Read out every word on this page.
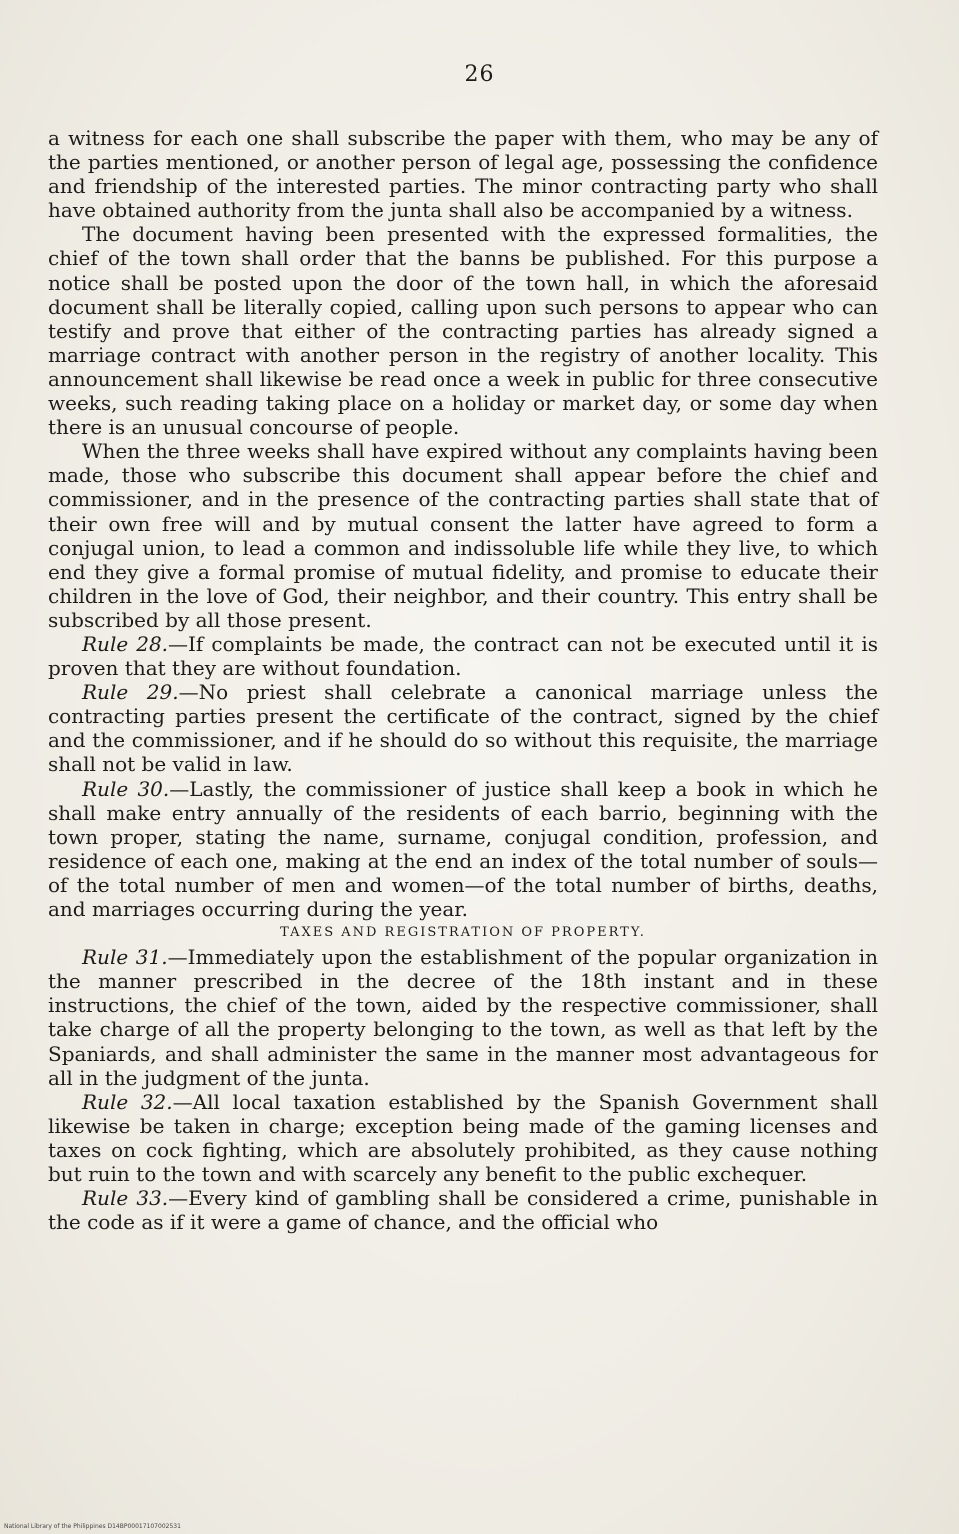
26

a witness for each one shall subscribe the paper with them, who may be any of the parties mentioned, or another person of legal age, possessing the confidence and friendship of the interested parties. The minor contracting party who shall have obtained authority from the junta shall also be accompanied by a witness.

The document having been presented with the expressed formalities, the chief of the town shall order that the banns be published. For this purpose a notice shall be posted upon the door of the town hall, in which the aforesaid document shall be literally copied, calling upon such persons to appear who can testify and prove that either of the contracting parties has already signed a marriage contract with another person in the registry of another locality. This announcement shall likewise be read once a week in public for three consecutive weeks, such reading taking place on a holiday or market day, or some day when there is an unusual concourse of people.

When the three weeks shall have expired without any complaints having been made, those who subscribe this document shall appear before the chief and commissioner, and in the presence of the contracting parties shall state that of their own free will and by mutual consent the latter have agreed to form a conjugal union, to lead a common and indissoluble life while they live, to which end they give a formal promise of mutual fidelity, and promise to educate their children in the love of God, their neighbor, and their country. This entry shall be subscribed by all those present.

Rule 28.—If complaints be made, the contract can not be executed until it is proven that they are without foundation.

Rule 29.—No priest shall celebrate a canonical marriage unless the contracting parties present the certificate of the contract, signed by the chief and the commissioner, and if he should do so without this requisite, the marriage shall not be valid in law.

Rule 30.—Lastly, the commissioner of justice shall keep a book in which he shall make entry annually of the residents of each barrio, beginning with the town proper, stating the name, surname, conjugal condition, profession, and residence of each one, making at the end an index of the total number of souls—of the total number of men and women—of the total number of births, deaths, and marriages occurring during the year.

TAXES AND REGISTRATION OF PROPERTY.

Rule 31.—Immediately upon the establishment of the popular organization in the manner prescribed in the decree of the 18th instant and in these instructions, the chief of the town, aided by the respective commissioner, shall take charge of all the property belonging to the town, as well as that left by the Spaniards, and shall administer the same in the manner most advantageous for all in the judgment of the junta.

Rule 32.—All local taxation established by the Spanish Government shall likewise be taken in charge; exception being made of the gaming licenses and taxes on cock fighting, which are absolutely prohibited, as they cause nothing but ruin to the town and with scarcely any benefit to the public exchequer.

Rule 33.—Every kind of gambling shall be considered a crime, punishable in the code as if it were a game of chance, and the official who

National Library of the Philippines D14BP00017107002531
